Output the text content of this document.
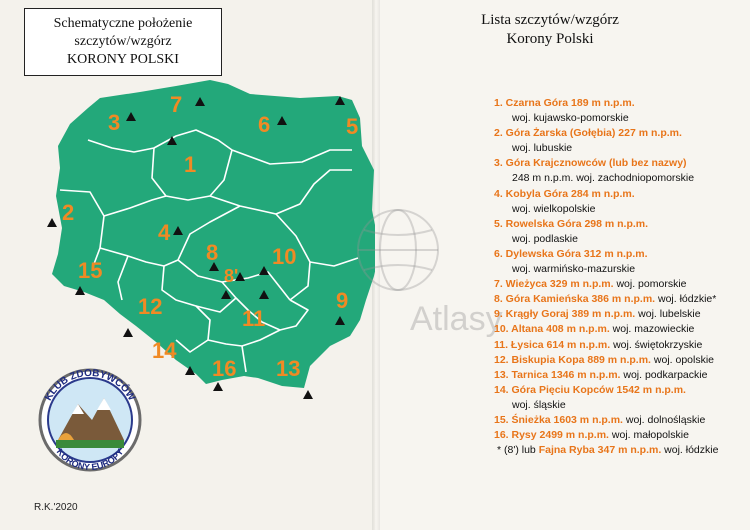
7
3	6	5
1
2
4
8 10
8'
15
12	11
9
14
16 13
Schematyczne położenie
szczytów/wzgórz
KORONY POLSKI
KLUB ZDOBYWCÓW
KORONY EUROPY
R.K.'2020
Lista szczytów/wzgórz
Korony Polski
Atlasy
1. Czarna Góra 189 m n.p.m.
woj. kujawsko-pomorskie
2. Góra Żarska (Gołębia) 227 m n.p.m.
woj. lubuskie
3. Góra Krajcznowców (lub bez nazwy)
248 m n.p.m. woj. zachodniopomorskie
4. Kobyla Góra 284 m n.p.m.
woj. wielkopolskie
5. Rowelska Góra 298 m n.p.m.
woj. podlaskie
6. Dylewska Góra 312 m n.p.m.
woj. warmińsko-mazurskie
7. Wieżyca 329 m n.p.m. woj. pomorskie
8. Góra Kamieńska 386 m n.p.m. woj. łódzkie*
9. Krągły Goraj 389 m n.p.m. woj. lubelskie
10. Altana 408 m n.p.m. woj. mazowieckie
11. Łysica 614 m n.p.m. woj. świętokrzyskie
12. Biskupia Kopa 889 m n.p.m. woj. opolskie
13. Tarnica 1346 m n.p.m. woj. podkarpackie
14. Góra Pięciu Kopców 1542 m n.p.m.
woj. śląskie
15. Śnieżka 1603 m n.p.m. woj. dolnośląskie
16. Rysy 2499 m n.p.m. woj. małopolskie
* (8') lub Fajna Ryba 347 m n.p.m. woj. łódzkie
